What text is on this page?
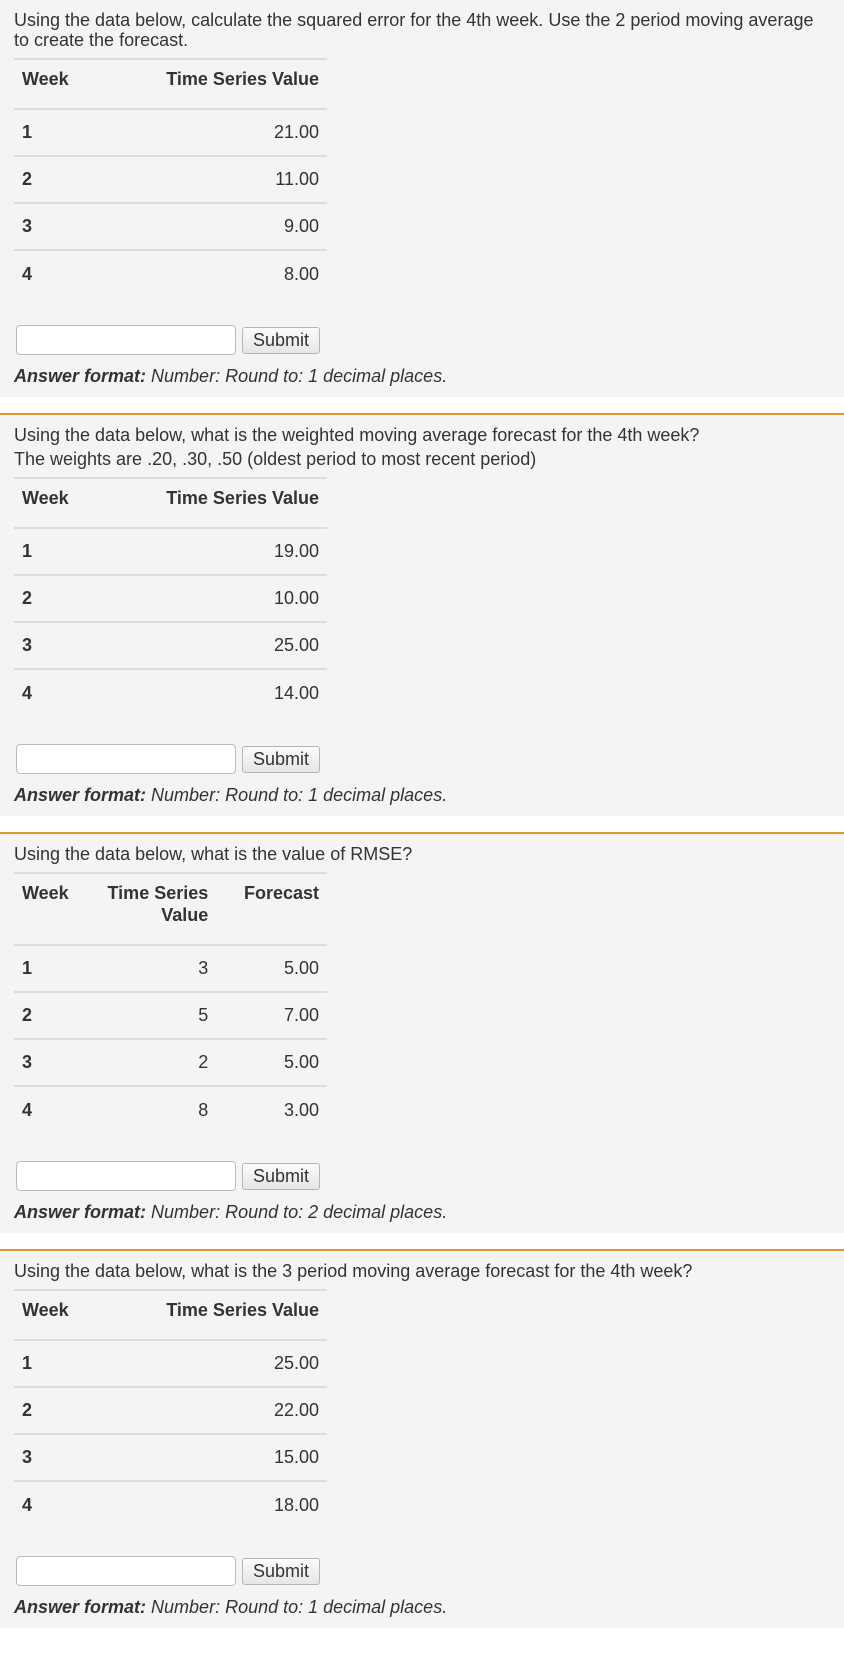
Using the data below, calculate the squared error for the 4th week. Use the 2 period moving average to create the forecast.
Week	Time Series Value
1	21.00
2	11.00
3	9.00
4	8.00
Submit
Answer format: Number: Round to: 1 decimal places.
Using the data below, what is the weighted moving average forecast for the 4th week?
The weights are .20, .30, .50 (oldest period to most recent period)
Week	Time Series Value
1	19.00
2	10.00
3	25.00
4	14.00
Submit
Answer format: Number: Round to: 1 decimal places.
Using the data below, what is the value of RMSE?
Week	Time Series Value	Forecast
1	3	5.00
2	5	7.00
3	2	5.00
4	8	3.00
Submit
Answer format: Number: Round to: 2 decimal places.
Using the data below, what is the 3 period moving average forecast for the 4th week?
Week	Time Series Value
1	25.00
2	22.00
3	15.00
4	18.00
Submit
Answer format: Number: Round to: 1 decimal places.
